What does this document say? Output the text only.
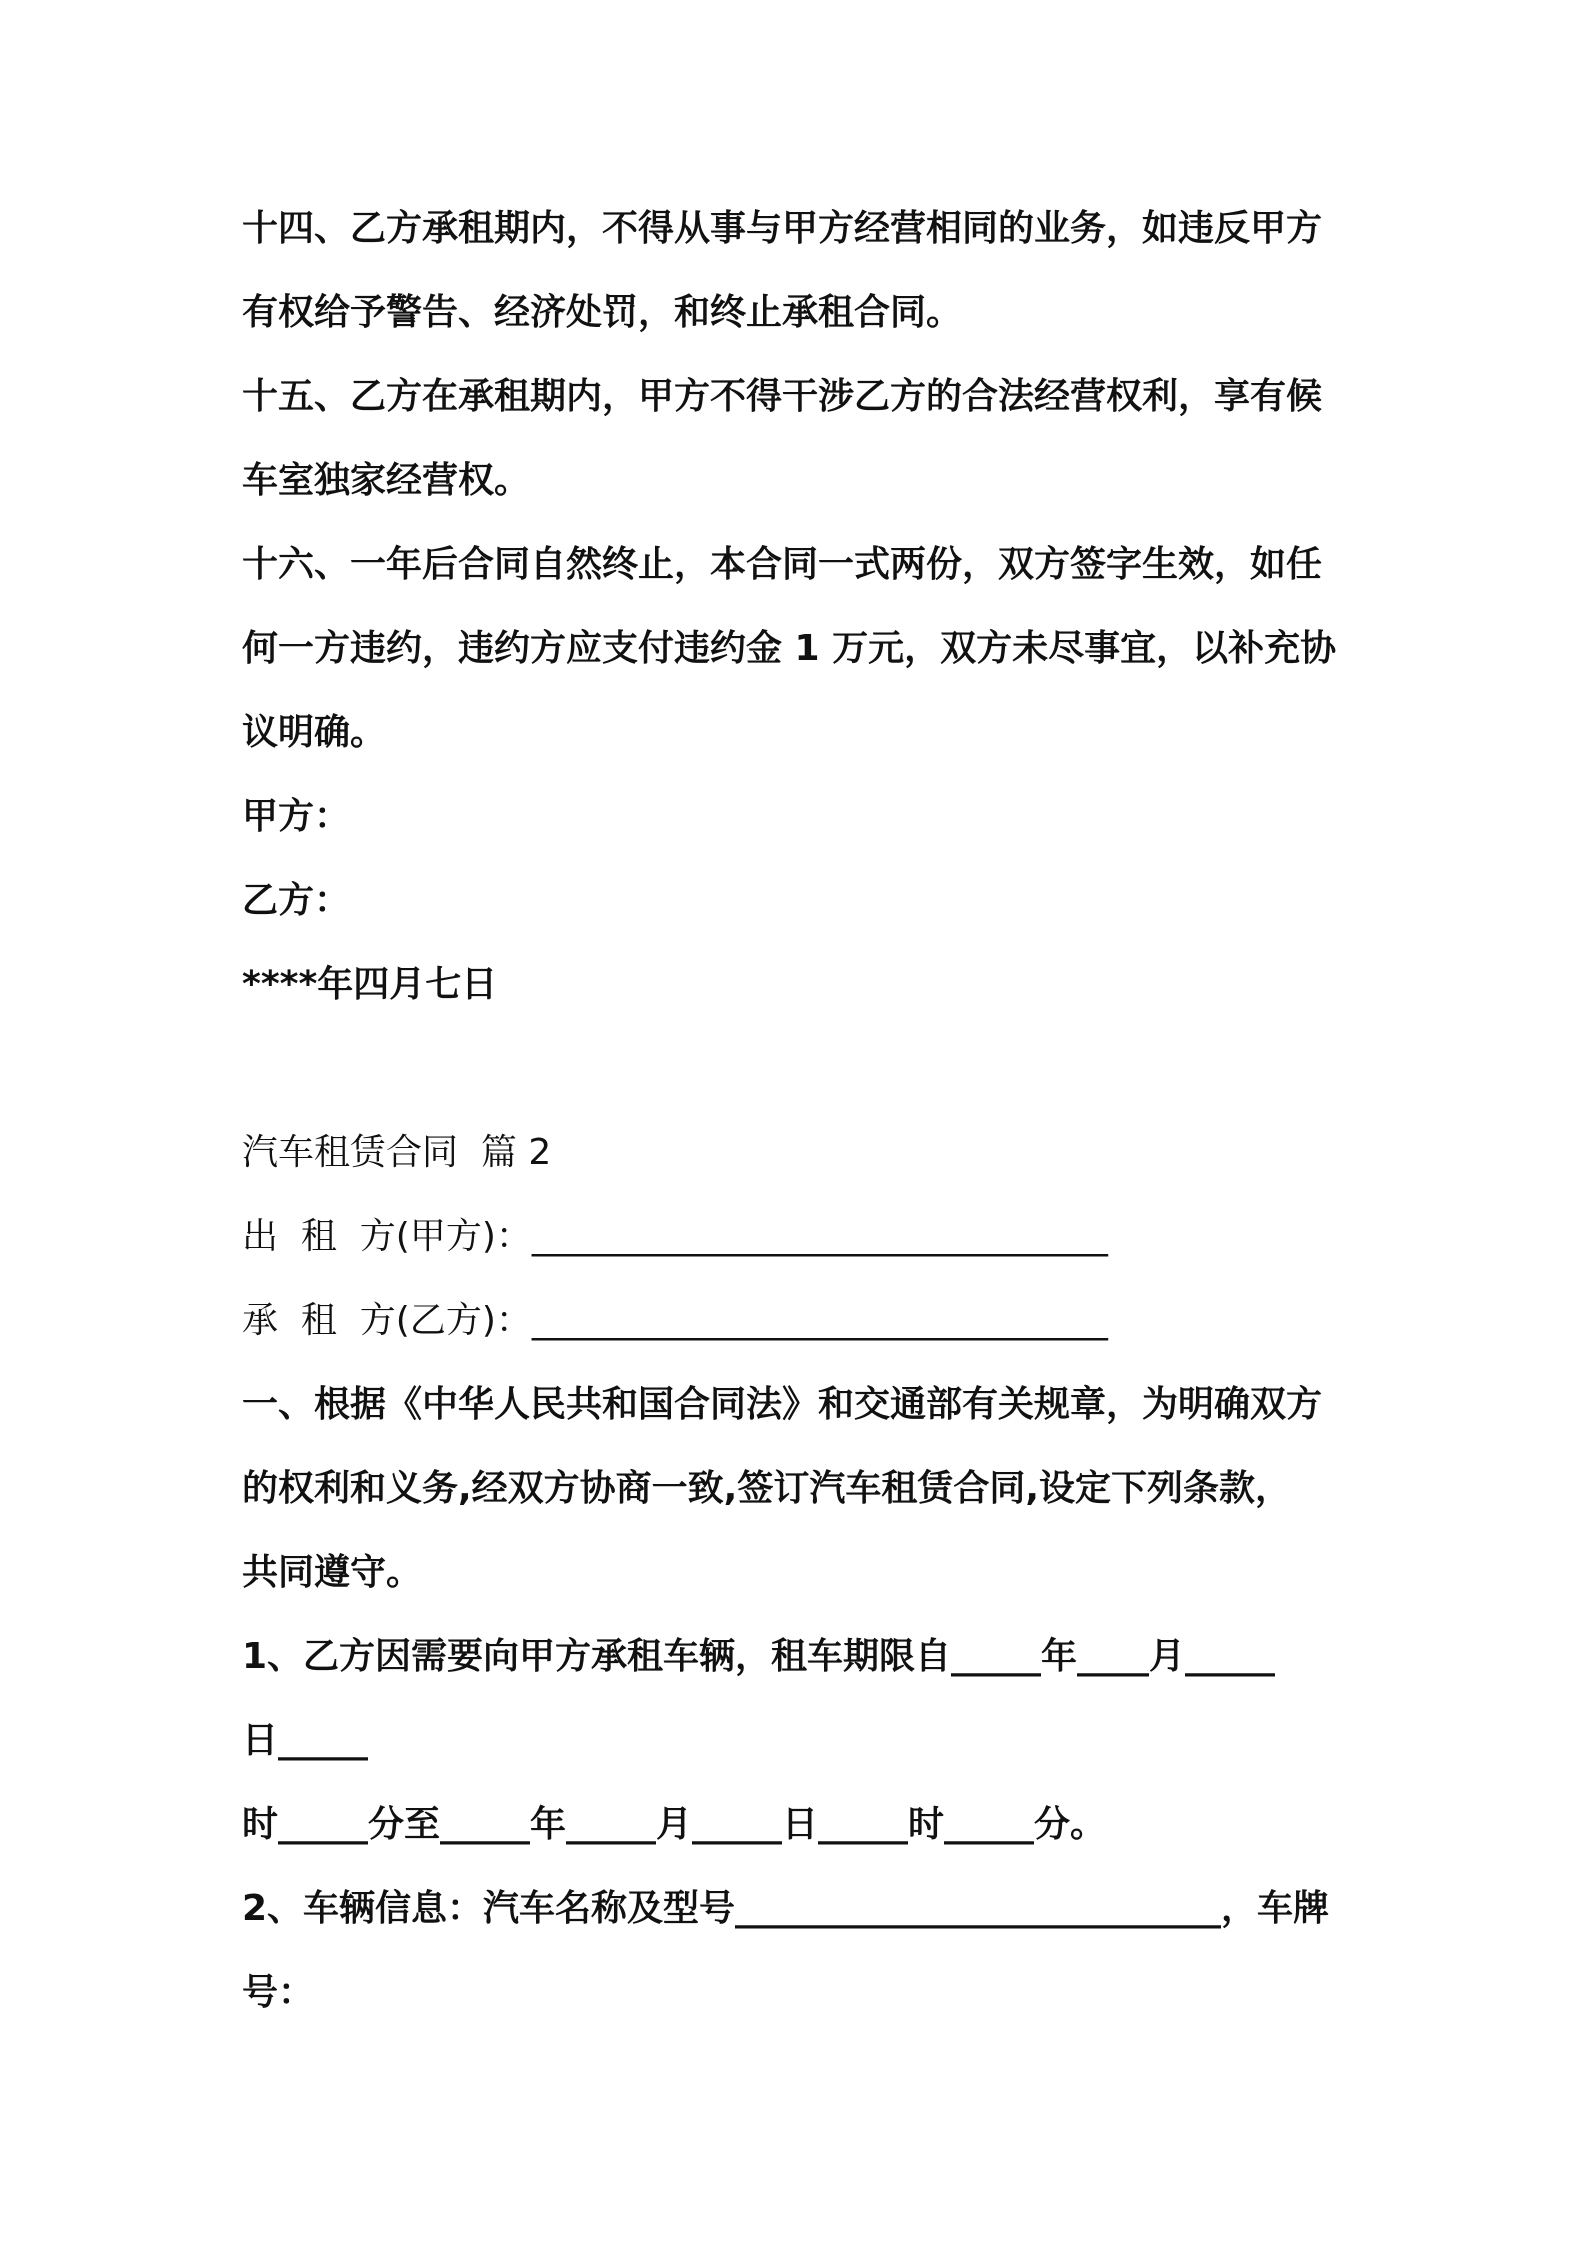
十四、乙方承租期内，不得从事与甲方经营相同的业务，如违反甲方
有权给予警告、经济处罚，和终止承租合同。
十五、乙方在承租期内，甲方不得干涉乙方的合法经营权利，享有候
车室独家经营权。
十六、一年后合同自然终止，本合同一式两份，双方签字生效，如任
何一方违约，违约方应支付违约金 1 万元，双方未尽事宜，以补充协
议明确。
甲方：
乙方：
****年四月七日
汽车租赁合同  篇 2
出  租  方(甲方)：________________________________
承  租  方(乙方)：________________________________
一、根据《中华人民共和国合同法》和交通部有关规章，为明确双方
的权利和义务,经双方协商一致,签订汽车租赁合同,设定下列条款，
共同遵守。
1、乙方因需要向甲方承租车辆，租车期限自_____年____月_____
日_____
时_____分至_____年_____月_____日_____时_____分。
2、车辆信息：汽车名称及型号___________________________，车牌
号：
